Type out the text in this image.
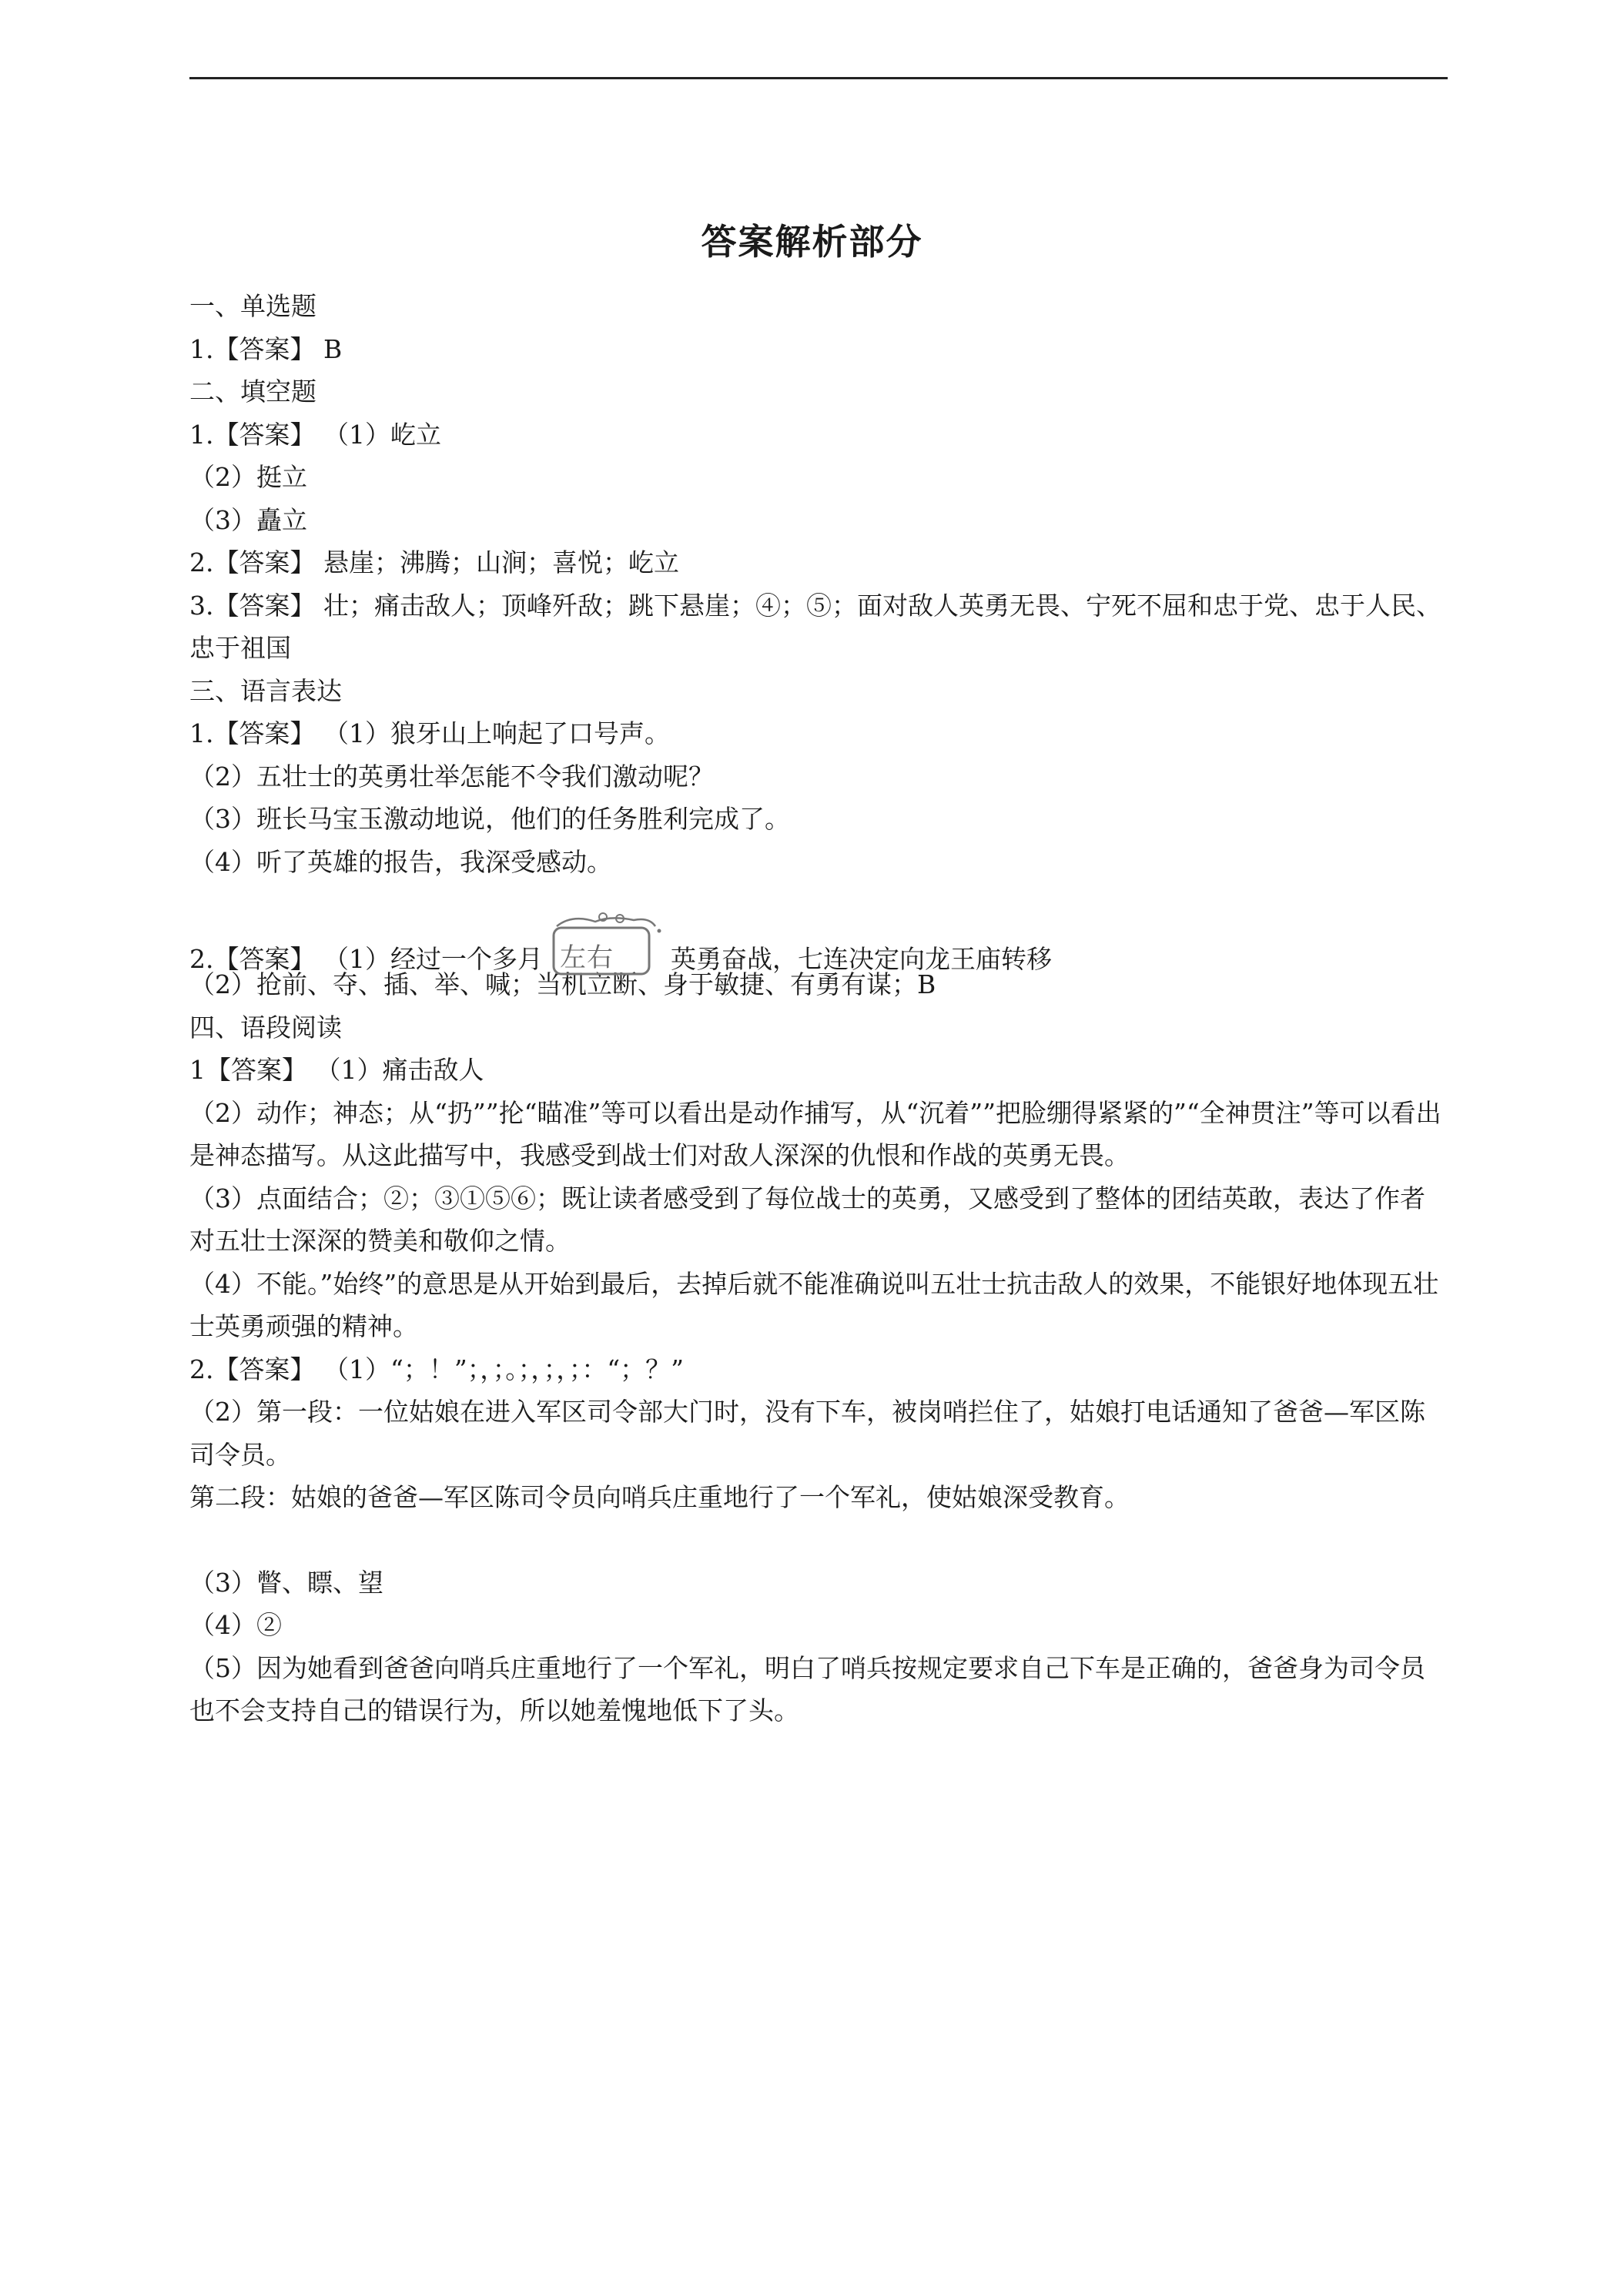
答案解析部分
一、单选题
1.【答案】 B
二、填空题
1.【答案】 （1）屹立
（2）挺立
（3）矗立
2.【答案】 悬崖；沸腾；山涧；喜悦；屹立
3.【答案】 壮；痛击敌人；顶峰歼敌；跳下悬崖；④；⑤；面对敌人英勇无畏、宁死不屈和忠于党、忠于人民、忠于祖国
三、语言表达
1.【答案】 （1）狼牙山上响起了口号声。
（2）五壮士的英勇壮举怎能不令我们激动呢？
（3）班长马宝玉激动地说，他们的任务胜利完成了。
（4）听了英雄的报告，我深受感动。
2.【答案】 （1）经过一个多月 左右 英勇奋战，七连决定向龙王庙转移
（2）抢前、夺、插、举、喊；当机立断、身于敏捷、有勇有谋；B
四、语段阅读
1【答案】 （1）痛击敌人
（2）动作；神态；从“扔””抡“瞄准”等可以看出是动作捕写，从“沉着””把脸绷得紧紧的”“全神贯注”等可以看出是神态描写。从这此描写中，我感受到战士们对敌人深深的仇恨和作战的英勇无畏。
（3）点面结合；②；③①⑤⑥；既让读者感受到了每位战士的英勇，又感受到了整体的团结英敢，表达了作者对五壮士深深的赞美和敬仰之情。
（4）不能。”始终”的意思是从开始到最后，去掉后就不能准确说叫五壮士抗击敌人的效果，不能银好地体现五壮士英勇顽强的精神。
2.【答案】 （1）“；！”；，；。；，；，；：“；？”
（2）第一段：一位姑娘在进入军区司令部大门时，没有下车，被岗哨拦住了，姑娘打电话通知了爸爸—军区陈司令员。
第二段：姑娘的爸爸—军区陈司令员向哨兵庄重地行了一个军礼，使姑娘深受教育。
（3）瞥、瞟、望
（4）②
（5）因为她看到爸爸向哨兵庄重地行了一个军礼，明白了哨兵按规定要求自己下车是正确的，爸爸身为司令员也不会支持自己的错误行为，所以她羞愧地低下了头。
